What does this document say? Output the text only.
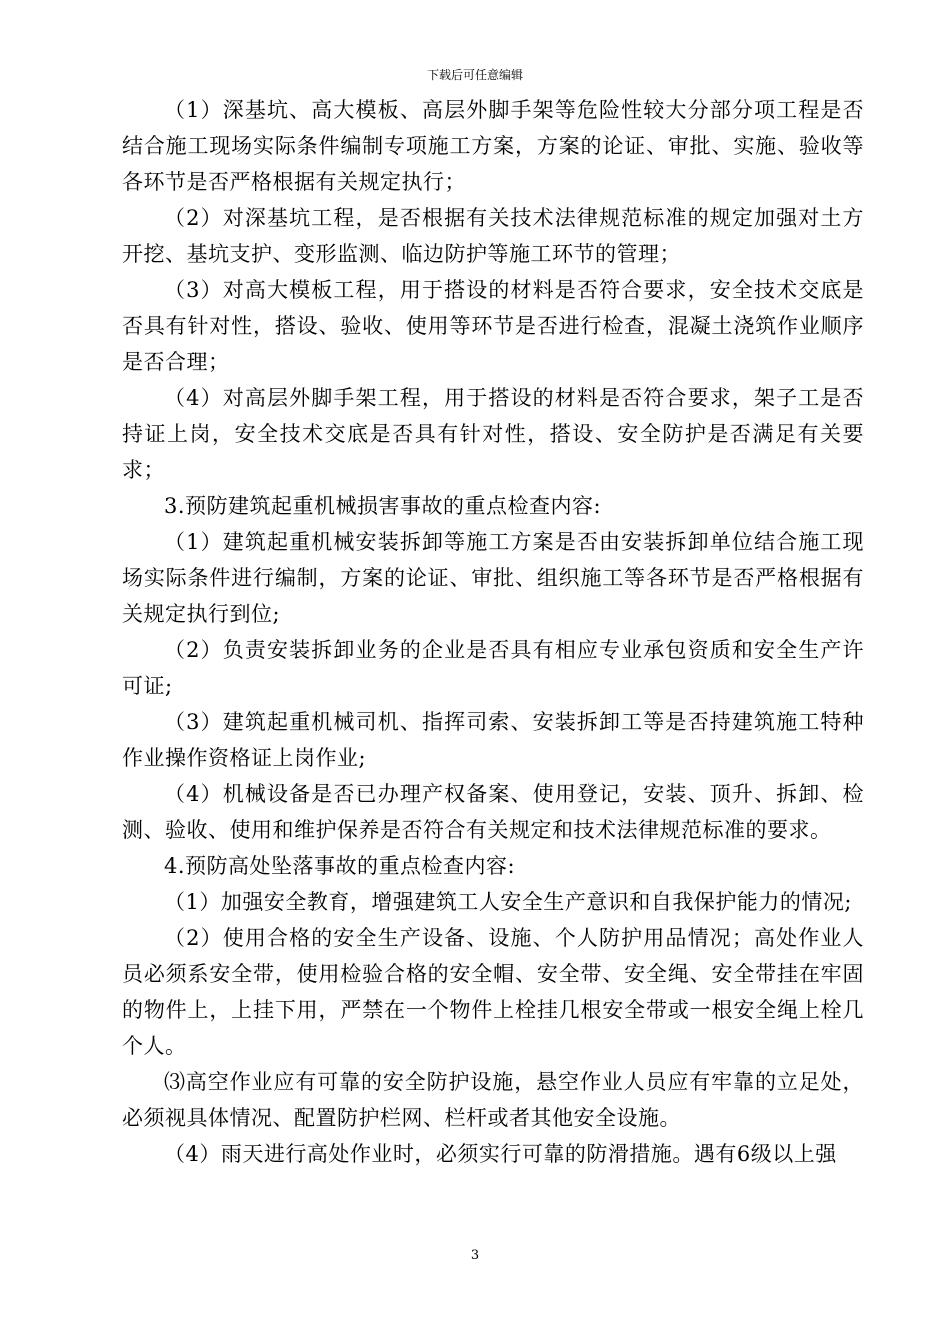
下载后可任意编辑

（1）深基坑、高大模板、高层外脚手架等危险性较大分部分项工程是否结合施工现场实际条件编制专项施工方案，方案的论证、审批、实施、验收等各环节是否严格根据有关规定执行；

（2）对深基坑工程，是否根据有关技术法律规范标准的规定加强对土方开挖、基坑支护、变形监测、临边防护等施工环节的管理；

（3）对高大模板工程，用于搭设的材料是否符合要求，安全技术交底是否具有针对性，搭设、验收、使用等环节是否进行检查，混凝土浇筑作业顺序是否合理；

（4）对高层外脚手架工程，用于搭设的材料是否符合要求，架子工是否持证上岗，安全技术交底是否具有针对性，搭设、安全防护是否满足有关要求；

3.预防建筑起重机械损害事故的重点检查内容:

（1）建筑起重机械安装拆卸等施工方案是否由安装拆卸单位结合施工现场实际条件进行编制，方案的论证、审批、组织施工等各环节是否严格根据有关规定执行到位;

（2）负责安装拆卸业务的企业是否具有相应专业承包资质和安全生产许可证;

（3）建筑起重机械司机、指挥司索、安装拆卸工等是否持建筑施工特种作业操作资格证上岗作业;

（4）机械设备是否已办理产权备案、使用登记，安装、顶升、拆卸、检测、验收、使用和维护保养是否符合有关规定和技术法律规范标准的要求。

4.预防高处坠落事故的重点检查内容:

（1）加强安全教育，增强建筑工人安全生产意识和自我保护能力的情况;

（2）使用合格的安全生产设备、设施、个人防护用品情况；高处作业人员必须系安全带，使用检验合格的安全帽、安全带、安全绳、安全带挂在牢固的物件上，上挂下用，严禁在一个物件上栓挂几根安全带或一根安全绳上栓几个人。

⑶高空作业应有可靠的安全防护设施，悬空作业人员应有牢靠的立足处，必须视具体情况、配置防护栏网、栏杆或者其他安全设施。

（4）雨天进行高处作业时，必须实行可靠的防滑措施。遇有6级以上强

3
